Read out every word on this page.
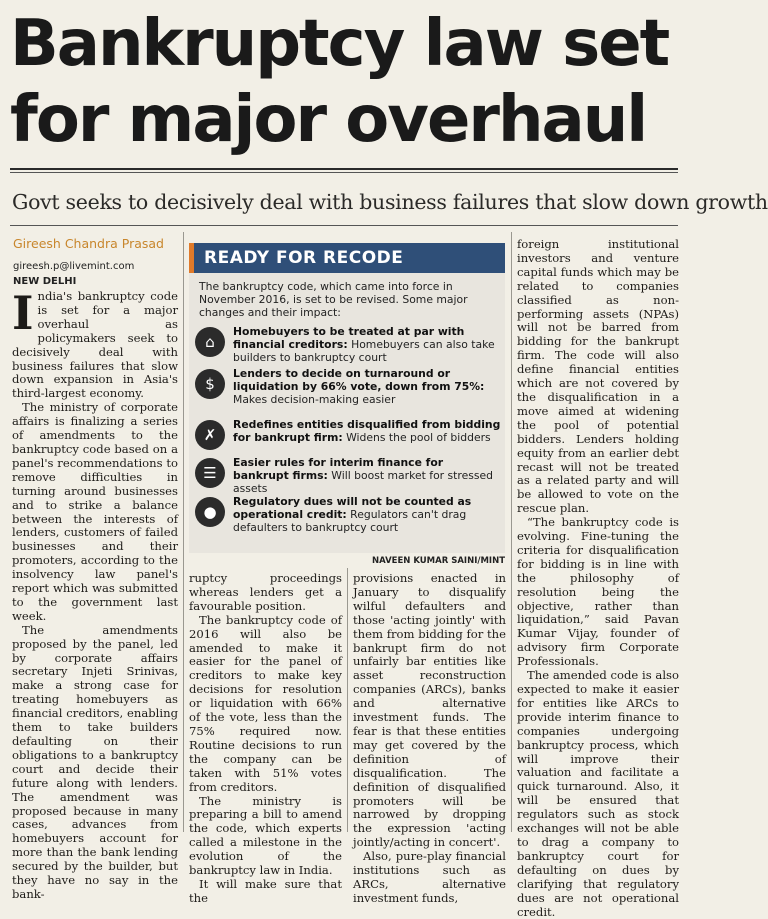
Bankruptcy law set
for major overhaul
Govt seeks to decisively deal with business failures that slow down growth
Gireesh Chandra Prasad
gireesh.p@livemint.com
NEW DELHI

India's bankruptcy code is set for a major overhaul as policymakers seek to decisively deal with business failures that slow down expansion in Asia's third-largest economy.

The ministry of corporate affairs is finalizing a series of amendments to the bankruptcy code based on a panel's recommendations to remove difficulties in turning around businesses and to strike a balance between the interests of lenders, customers of failed businesses and their promoters, according to the insolvency law panel's report which was submitted to the government last week.

The amendments proposed by the panel, led by corporate affairs secretary Injeti Srinivas, make a strong case for treating homebuyers as financial creditors, enabling them to take builders defaulting on their obligations to a bankruptcy court and decide their future along with lenders. The amendment was proposed because in many cases, advances from homebuyers account for more than the bank lending secured by the builder, but they have no say in the bank-

READY FOR RECODE
The bankruptcy code, which came into force in November 2016, is set to be revised. Some major changes and their impact:
⌂
Homebuyers to be treated at par with financial creditors: Homebuyers can also take builders to bankruptcy court
$
Lenders to decide on turnaround or liquidation by 66% vote, down from 75%: Makes decision-making easier
✗
Redefines entities disqualified from bidding for bankrupt firm: Widens the pool of bidders
☰
Easier rules for interim finance for bankrupt firms: Will boost market for stressed assets
●
Regulatory dues will not be counted as operational credit: Regulators can't drag defaulters to bankruptcy court
NAVEEN KUMAR SAINI/MINT

ruptcy proceedings whereas lenders get a favourable position.

The bankruptcy code of 2016 will also be amended to make it easier for the panel of creditors to make key decisions for resolution or liquidation with 66% of the vote, less than the 75% required now. Routine decisions to run the company can be taken with 51% votes from creditors.

The ministry is preparing a bill to amend the code, which experts called a milestone in the evolution of the bankruptcy law in India.

It will make sure that the

provisions enacted in January to disqualify wilful defaulters and those 'acting jointly' with them from bidding for the bankrupt firm do not unfairly bar entities like asset reconstruction companies (ARCs), banks and alternative investment funds. The fear is that these entities may get covered by the definition of disqualification. The definition of disqualified promoters will be narrowed by dropping the expression 'acting jointly/acting in concert'.

Also, pure-play financial institutions such as ARCs, alternative investment funds,

foreign institutional investors and venture capital funds which may be related to companies classified as non-performing assets (NPAs) will not be barred from bidding for the bankrupt firm. The code will also define financial entities which are not covered by the disqualification in a move aimed at widening the pool of potential bidders. Lenders holding equity from an earlier debt recast will not be treated as a related party and will be allowed to vote on the rescue plan.

“The bankruptcy code is evolving. Fine-tuning the criteria for disqualification for bidding is in line with the philosophy of resolution being the objective, rather than liquidation,” said Pavan Kumar Vijay, founder of advisory firm Corporate Professionals.

The amended code is also expected to make it easier for entities like ARCs to provide interim finance to companies undergoing bankruptcy process, which will improve their valuation and facilitate a quick turnaround. Also, it will be ensured that regulators such as stock exchanges will not be able to drag a company to bankruptcy court for defaulting on dues by clarifying that regulatory dues are not operational credit.
